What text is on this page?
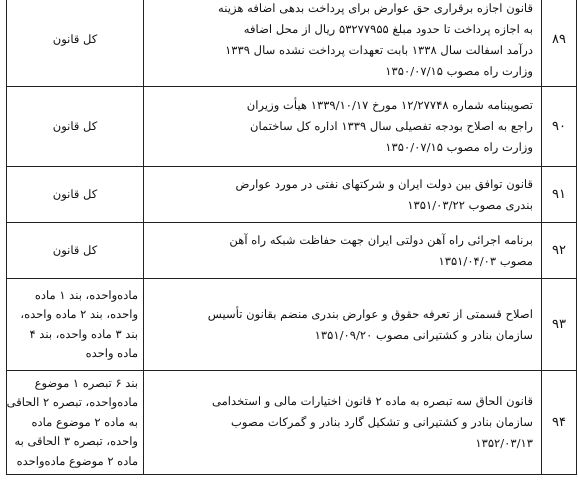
۸۹	قانون اجازه برقراری حق عوارض برای پرداخت بدهی اضافه هزینه
به اجازه پرداخت تا حدود مبلغ ۵۳۲۷۷۹۵۵ ریال از محل اضافه
درآمد اسفالت سال ۱۳۳۸ بابت تعهدات پرداخت نشده سال ۱۳۳۹
وزارت راه مصوب ۱۳۵۰/۰۷/۱۵	کل قانون

۹۰	تصویبنامه شماره ۱۲/۲۷۷۴۸ مورخ ۱۳۳۹/۱۰/۱۷ هیأت وزیران
راجع به اصلاح بودجه تفصیلی سال ۱۳۳۹ اداره کل ساختمان
وزارت راه مصوب ۱۳۵۰/۰۷/۱۵	کل قانون

۹۱	قانون توافق بین دولت ایران و شرکتهای نفتی در مورد عوارض
بندری مصوب ۱۳۵۱/۰۳/۲۲	کل قانون

۹۲	برنامه اجرائی راه آهن دولتی ایران جهت حفاظت شبکه راه آهن
مصوب ۱۳۵۱/۰۴/۰۳	کل قانون

۹۳	اصلاح قسمتی از تعرفه حقوق و عوارض بندری منضم بقانون تأسیس
سازمان بنادر و کشتیرانی مصوب ۱۳۵۱/۰۹/۲۰	ماده‌واحده، بند ۱ ماده
واحده، بند ۲ ماده واحده،
بند ۳ ماده واحده، بند ۴
ماده واحده

۹۴	قانون الحاق سه تبصره به ماده ۲ قانون اختیارات مالی و استخدامی
سازمان بنادر و کشتیرانی و تشکیل گارد بنادر و گمرکات مصوب
۱۳۵۲/۰۳/۱۳	بند ۶ تبصره ۱ موضوع
ماده‌واحده، تبصره ۲ الحاقی
به ماده ۲ موضوع ماده
واحده، تبصره ۳ الحاقی به
ماده ۲ موضوع ماده‌واحده
